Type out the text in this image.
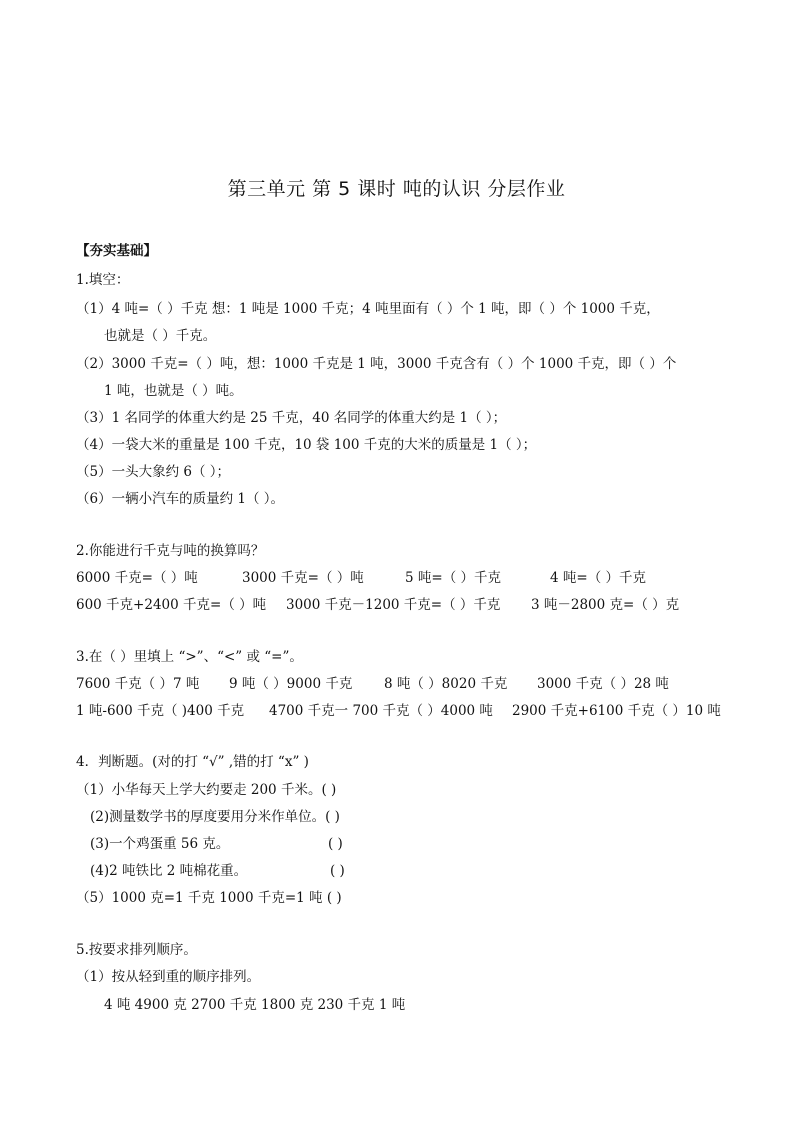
第三单元 第 5 课时 吨的认识 分层作业
【夯实基础】
1.填空：
（1）4 吨=（ ）千克 想：1 吨是 1000 千克；4 吨里面有（ ）个 1 吨，即（ ）个 1000 千克，
也就是（ ）千克。
（2）3000 千克=（ ）吨，想：1000 千克是 1 吨，3000 千克含有（ ）个 1000 千克，即（ ）个
1 吨，也就是（ ）吨。
（3）1 名同学的体重大约是 25 千克，40 名同学的体重大约是 1（ ）；
（4）一袋大米的重量是 100 千克，10 袋 100 千克的大米的质量是 1（ ）；
（5）一头大象约 6（ ）；
（6）一辆小汽车的质量约 1（ ）。
2.你能进行千克与吨的换算吗？
6000 千克=（ ）吨	3000 千克=（ ）吨	5 吨=（ ）千克	4 吨=（ ）千克
600 千克+2400 千克=（ ）吨 3000 千克－1200 千克=（ ）千克 3 吨－2800 克=（ ）克
3.在（ ）里填上 “>”、“<” 或 “=”。
7600 千克（ ）7 吨 9 吨（ ）9000 千克 8 吨（ ）8020 千克 3000 千克（ ）28 吨
1 吨-600 千克（ )400 千克 4700 千克一 700 千克（ ）4000 吨 2900 千克+6100 千克（ ）10 吨
4．判断题。(对的打 “√” ,错的打 “x” )
（1）小华每天上学大约要走 200 千米。( )
(2)测量数学书的厚度要用分米作单位。( )
(3)一个鸡蛋重 56 克。	( )
(4)2 吨铁比 2 吨棉花重。	( )
（5）1000 克=1 千克 1000 千克=1 吨 ( )
5.按要求排列顺序。
（1）按从轻到重的顺序排列。
4 吨 4900 克 2700 千克 1800 克 230 千克 1 吨
